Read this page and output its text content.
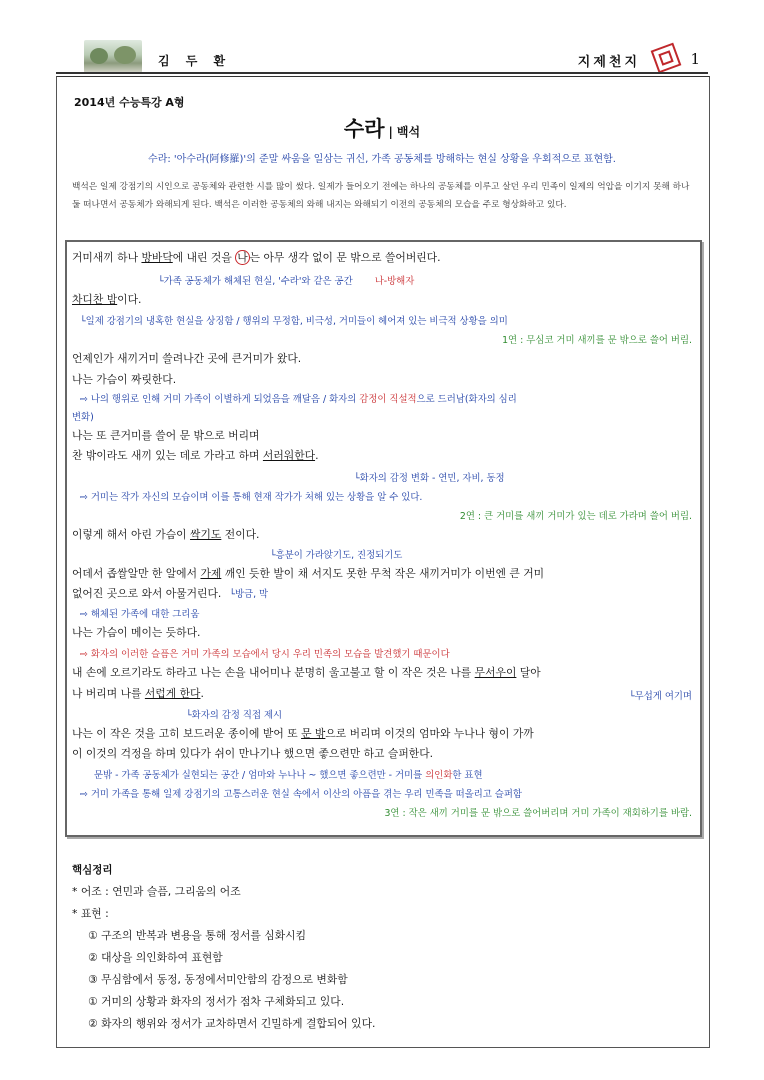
김 두 환	지제천지	1
2014년 수능특강 A형
수라 | 백석
수라: '아수라(阿修羅)'의 준말 싸움을 일삼는 귀신, 가족 공동체를 방해하는 현실 상황을 우회적으로 표현함.
백석은 일제 강점기의 시인으로 공동체와 관련한 시를 많이 썼다. 일제가 들어오기 전에는 하나의 공동체를 이루고 살던 우리 민족이 일제의 억압을 이기지 못해 하나 둘 떠나면서 공동체가 와해되게 된다. 백석은 이러한 공동체의 와해 내지는 와해되기 이전의 공동체의 모습을 주로 형상화하고 있다.
거미새끼 하나 방바닥에 내린 것을 나 는 아무 생각 없이 문 밖으로 쓸어버린다.
└가족 공동체가 해체된 현실, '수라'와 같은 공간 나-방해자
차디찬 밤이다.
└일제 강점기의 냉혹한 현실을 상징함 / 행위의 무정함, 비극성, 거미들이 헤어져 있는 비극적 상황을 의미
1연 : 무심코 거미 새끼를 문 밖으로 쓸어 버림.
언제인가 새끼거미 쓸려나간 곳에 큰거미가 왔다.
나는 가슴이 짜릿한다.
⇨ 나의 행위로 인해 거미 가족이 이별하게 되었음을 깨달음 / 화자의 감정이 직설적으로 드러남(화자의 심리
변화)
나는 또 큰거미를 쓸어 문 밖으로 버리며
찬 밖이라도 새끼 있는 데로 가라고 하며 서러워한다.
└화자의 감정 변화 - 연민, 자비, 동정
⇨ 거미는 작가 자신의 모습이며 이를 통해 현재 작가가 처해 있는 상황을 알 수 있다.
2연 : 큰 거미를 새끼 거미가 있는 데로 가라며 쓸어 버림.
이렇게 해서 아린 가슴이 싹기도 전이다.
└흥분이 가라앉기도, 진정되기도
어데서 좁쌀알만 한 알에서 가제 깨인 듯한 발이 채 서지도 못한 무척 작은 새끼거미가 이번엔 큰 거미
없어진 곳으로 와서 아물거린다. └방금, 막
⇨ 해체된 가족에 대한 그리움
나는 가슴이 메이는 듯하다.
⇨ 화자의 이러한 슬픔은 거미 가족의 모습에서 당시 우리 민족의 모습을 발견했기 때문이다
내 손에 오르기라도 하라고 나는 손을 내어미나 분명히 울고불고 할 이 작은 것은 나를 무서우이 달아
나 버리며 나를 서럽게 한다.	└무섭게 여기며
└화자의 감정 직접 제시
나는 이 작은 것을 고히 보드러운 종이에 받어 또 문 밖으로 버리며 이것의 엄마와 누나나 형이 가까
이 이것의 걱정을 하며 있다가 쉬이 만나기나 했으면 좋으련만 하고 슬퍼한다.
문밖 - 가족 공동체가 실현되는 공간 / 엄마와 누나나 ~ 했으면 좋으련만 - 거미를 의인화한 표현
⇨ 거미 가족을 통해 일제 강점기의 고통스러운 현실 속에서 이산의 아픔을 겪는 우리 민족을 떠올리고 슬퍼함
3연 : 작은 새끼 거미를 문 밖으로 쓸어버리며 거미 가족이 재회하기를 바람.
핵심정리
* 어조 : 연민과 슬픔, 그리움의 어조
* 표현 :
① 구조의 반복과 변용을 통해 정서를 심화시킴
② 대상을 의인화하여 표현함
③ 무심함에서 동정, 동정에서미안함의 감정으로 변화함
① 거미의 상황과 화자의 정서가 점차 구체화되고 있다.
② 화자의 행위와 정서가 교차하면서 긴밀하게 결합되어 있다.
